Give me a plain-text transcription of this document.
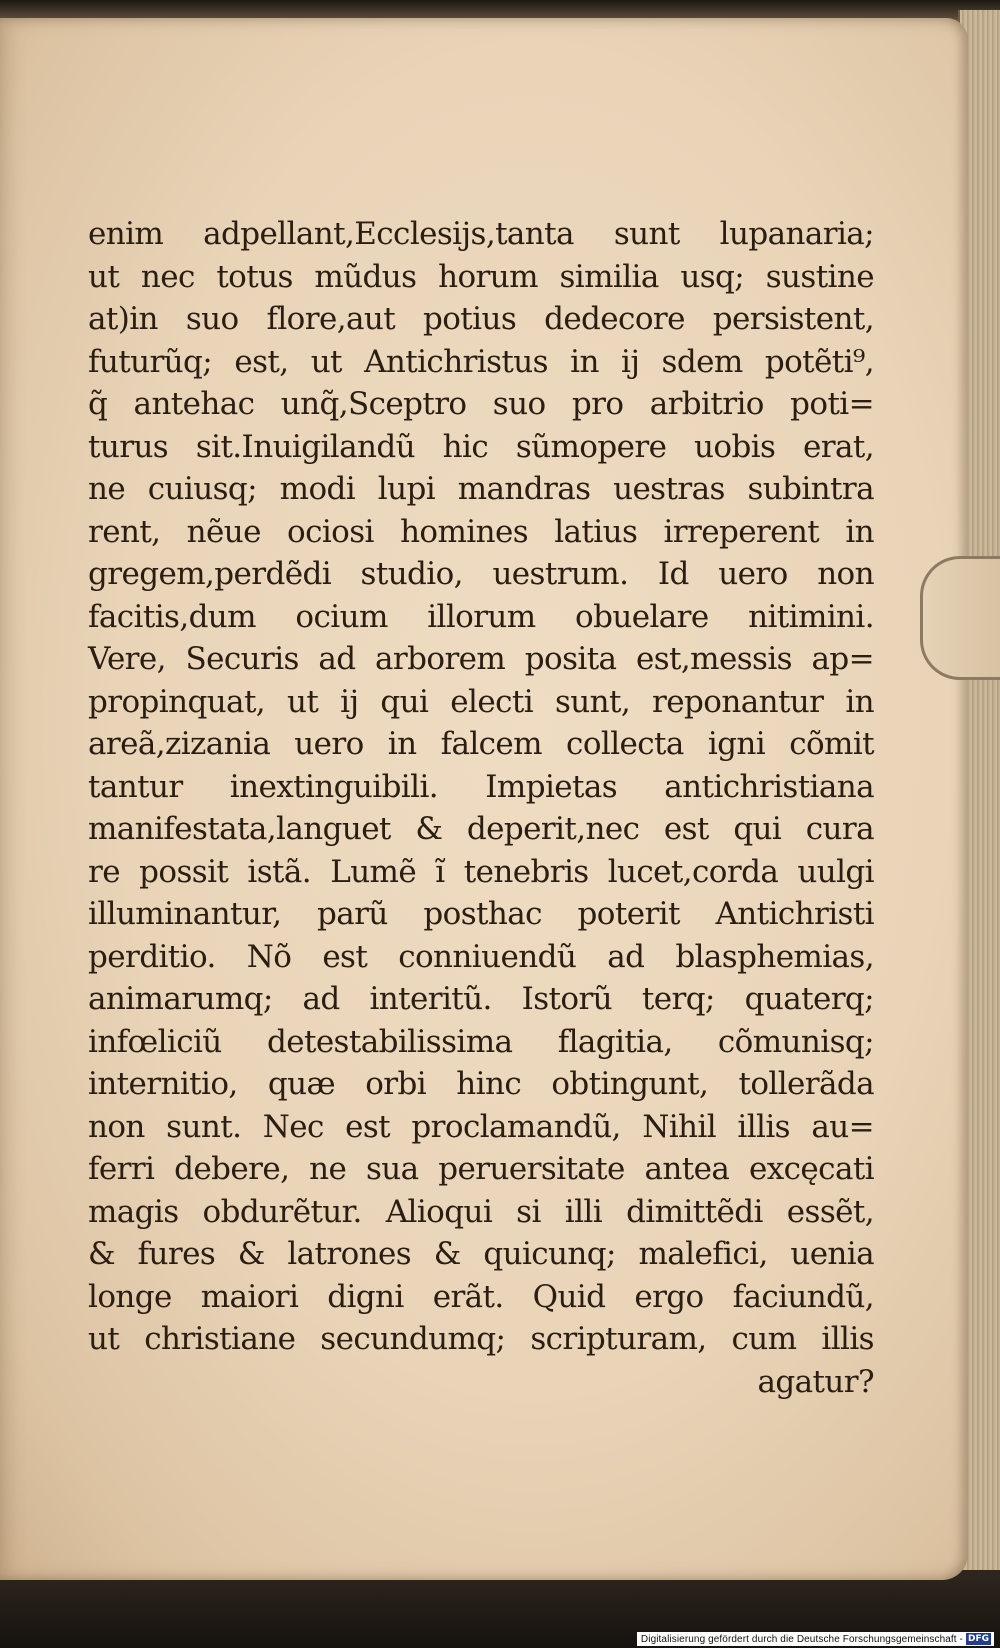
enim adpellant,Ecclesijs,tanta sunt lupanaria;
ut nec totus mũdus horum similia usq; sustine
at)in suo flore,aut potius dedecore persistent,
futurũq; est, ut Antichristus in ij sdem potẽti⁹,
q̃ antehac unq̃,Sceptro suo pro arbitrio poti=
turus sit.Inuigilandũ hic sũmopere uobis erat,
ne cuiusq; modi lupi mandras uestras subintra
rent, nẽue ociosi homines latius irreperent in
gregem,perdẽdi studio, uestrum. Id uero non
facitis,dum ocium illorum obuelare nitimini.
Vere, Securis ad arborem posita est,messis ap=
propinquat, ut ij qui electi sunt, reponantur in
areã,zizania uero in falcem collecta igni cõmit
tantur inextinguibili. Impietas antichristiana
manifestata,languet & deperit,nec est qui cura
re possit istã. Lumẽ ĩ tenebris lucet,corda uulgi
illuminantur, parũ posthac poterit Antichristi
perditio. Nõ est conniuendũ ad blasphemias,
animarumq; ad interitũ. Istorũ terq; quaterq;
infœliciũ detestabilissima flagitia, cõmunisq;
internitio, quæ orbi hinc obtingunt, tollerãda
non sunt. Nec est proclamandũ, Nihil illis au=
ferri debere, ne sua peruersitate antea excęcati
magis obdurẽtur. Alioqui si illi dimittẽdi essẽt,
& fures & latrones & quicunq; malefici, uenia
longe maiori digni erãt. Quid ergo faciundũ,
ut christiane secundumq; scripturam, cum illis
agatur?
Digitalisierung gefördert durch die Deutsche Forschungsgemeinschaft - DFG
